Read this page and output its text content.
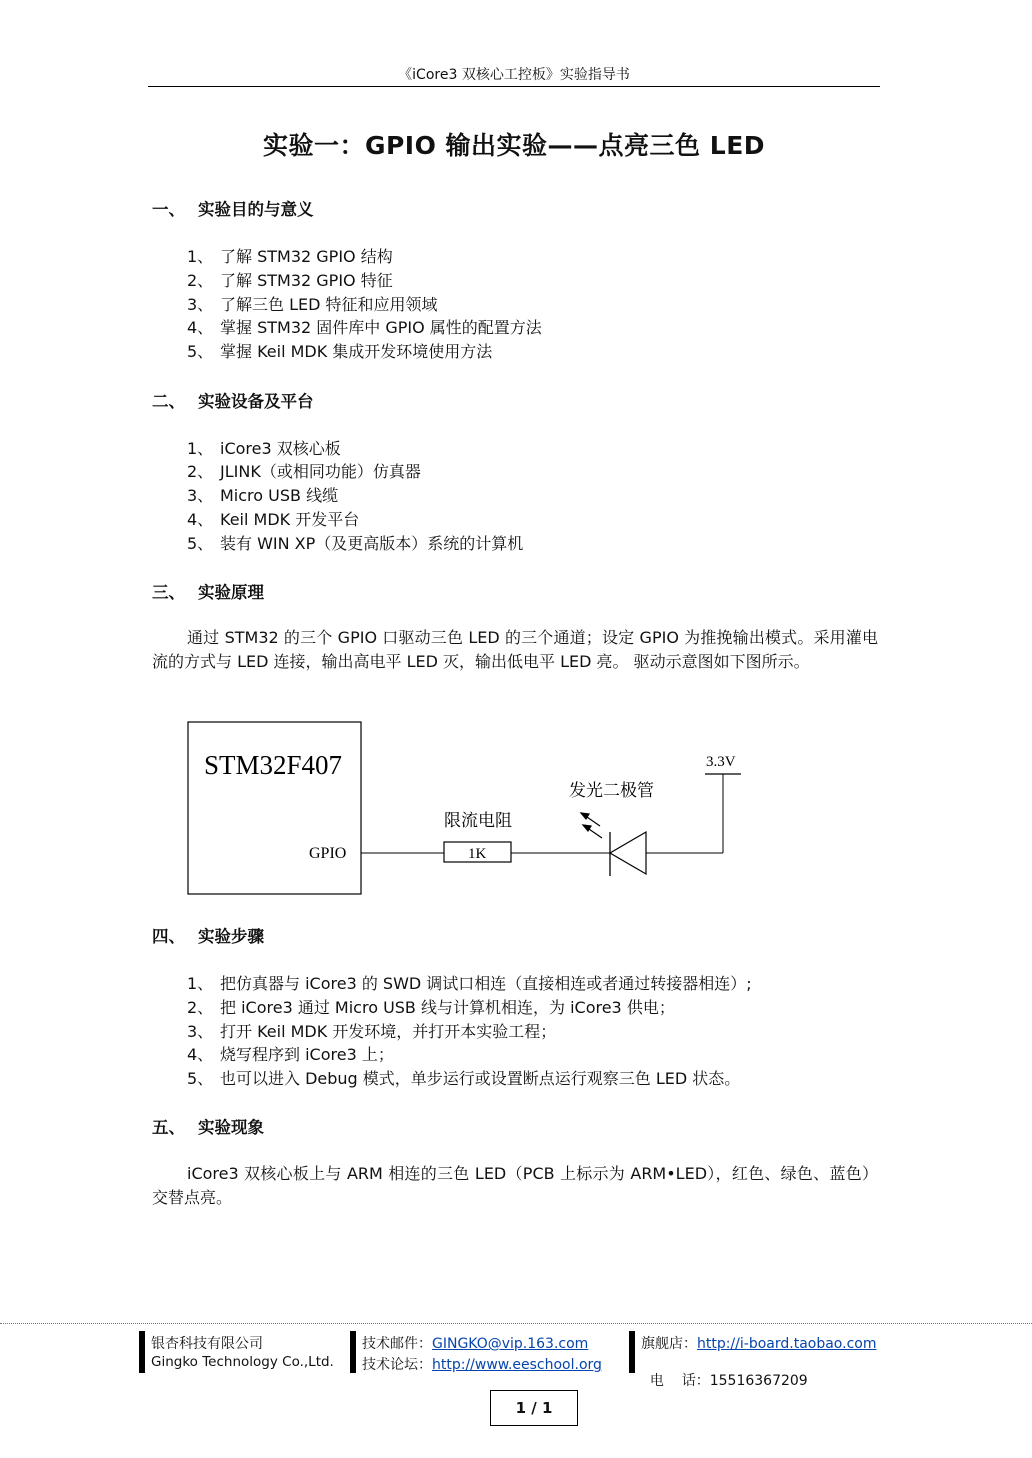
《iCore3 双核心工控板》实验指导书
实验一：GPIO 输出实验——点亮三色 LED
一、 实验目的与意义
1、 了解 STM32 GPIO 结构
2、 了解 STM32 GPIO 特征
3、 了解三色 LED 特征和应用领域
4、 掌握 STM32 固件库中 GPIO 属性的配置方法
5、 掌握 Keil MDK 集成开发环境使用方法
二、 实验设备及平台
1、 iCore3 双核心板
2、 JLINK（或相同功能）仿真器
3、 Micro USB 线缆
4、 Keil MDK 开发平台
5、 装有 WIN XP（及更高版本）系统的计算机
三、 实验原理
通过 STM32 的三个 GPIO 口驱动三色 LED 的三个通道；设定 GPIO 为推挽输出模式。采用灌电流的方式与 LED 连接，输出高电平 LED 灭，输出低电平 LED 亮。 驱动示意图如下图所示。
STM32F407
GPIO	1K
限流电阻
3.3V
发光二极管
四、 实验步骤
1、 把仿真器与 iCore3 的 SWD 调试口相连（直接相连或者通过转接器相连）;
2、 把 iCore3 通过 Micro USB 线与计算机相连，为 iCore3 供电；
3、 打开 Keil MDK 开发环境，并打开本实验工程；
4、 烧写程序到 iCore3 上；
5、 也可以进入 Debug 模式，单步运行或设置断点运行观察三色 LED 状态。
五、 实验现象
iCore3 双核心板上与 ARM 相连的三色 LED（PCB 上标示为 ARM•LED），红色、绿色、蓝色）交替点亮。
银杏科技有限公司
Gingko Technology Co.,Ltd.
技术邮件：GINGKO@vip.163.com
技术论坛：http://www.eeschool.org
旗舰店：http://i-board.taobao.com

电    话：15516367209

1 / 1
